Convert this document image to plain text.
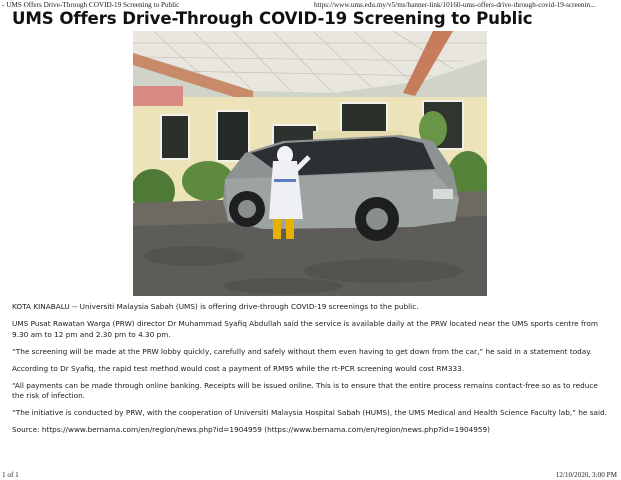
- UMS Offers Drive-Through COVID-19 Screening to Public	https://www.ums.edu.my/v5/ms/banner-link/10160-ums-offers-drive-through-covid-19-screenin...
UMS Offers Drive-Through COVID-19 Screening to Public

KOTA KINABALU -- Universiti Malaysia Sabah (UMS) is offering drive-through COVID-19 screenings to the public.

UMS Pusat Rawatan Warga (PRW) director Dr Muhammad Syafiq Abdullah said the service is available daily at the PRW located near the UMS sports centre from 9.30 am to 12 pm and 2.30 pm to 4.30 pm.

“The screening will be made at the PRW lobby quickly, carefully and safely without them even having to get down from the car,” he said in a statement today.

According to Dr Syafiq, the rapid test method would cost a payment of RM95 while the rt-PCR screening would cost RM333.

“All payments can be made through online banking. Receipts will be issued online. This is to ensure that the entire process remains contact-free so as to reduce the risk of infection.

“The initiative is conducted by PRW, with the cooperation of Universiti Malaysia Hospital Sabah (HUMS), the UMS Medical and Health Science Faculty lab,” he said.

Source: https://www.bernama.com/en/region/news.php?id=1904959 (https://www.bernama.com/en/region/news.php?id=1904959)

1 of 1	12/10/2020, 3:00 PM
